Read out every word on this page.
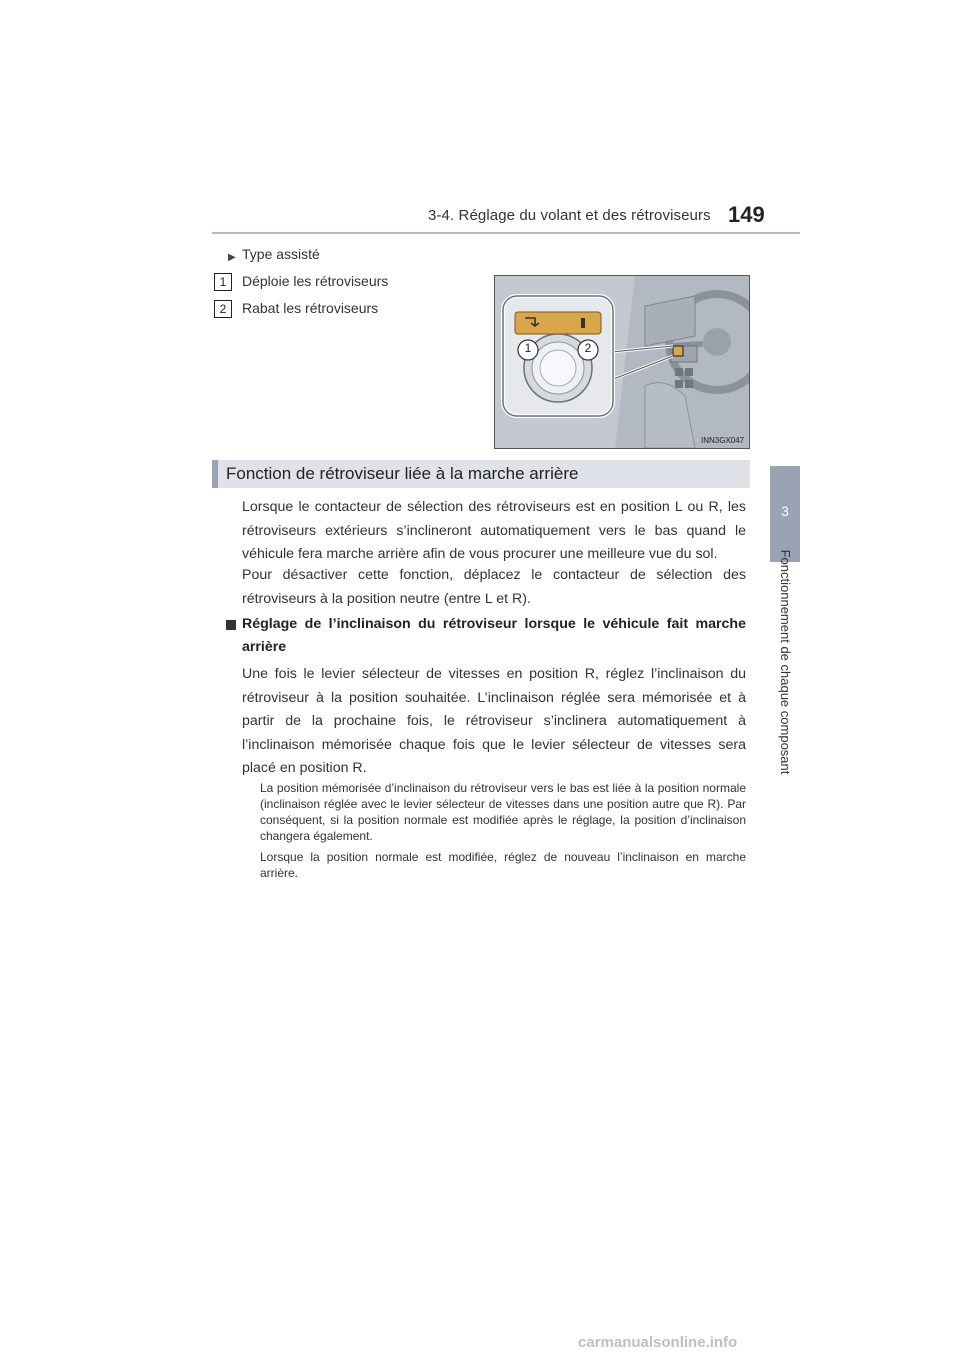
3-4. Réglage du volant et des rétroviseurs 149
3
Fonctionnement de chaque composant
▶ Type assisté
1	Déploie les rétroviseurs
2	Rabat les rétroviseurs
1	2
INN3GX047
Fonction de rétroviseur liée à la marche arrière
Lorsque le contacteur de sélection des rétroviseurs est en position L ou R, les rétroviseurs extérieurs s’inclineront automatiquement vers le bas quand le véhicule fera marche arrière afin de vous procurer une meilleure vue du sol.
Pour désactiver cette fonction, déplacez le contacteur de sélection des rétroviseurs à la position neutre (entre L et R).
Réglage de l’inclinaison du rétroviseur lorsque le véhicule fait marche arrière
Une fois le levier sélecteur de vitesses en position R, réglez l’inclinaison du rétroviseur à la position souhaitée. L’inclinaison réglée sera mémorisée et à partir de la prochaine fois, le rétroviseur s’inclinera automatiquement à l’inclinaison mémorisée chaque fois que le levier sélecteur de vitesses sera placé en position R.
La position mémorisée d’inclinaison du rétroviseur vers le bas est liée à la position normale (inclinaison réglée avec le levier sélecteur de vitesses dans une position autre que R). Par conséquent, si la position normale est modifiée après le réglage, la position d’inclinaison changera également.
Lorsque la position normale est modifiée, réglez de nouveau l’inclinaison en marche arrière.
carmanualsonline.info
